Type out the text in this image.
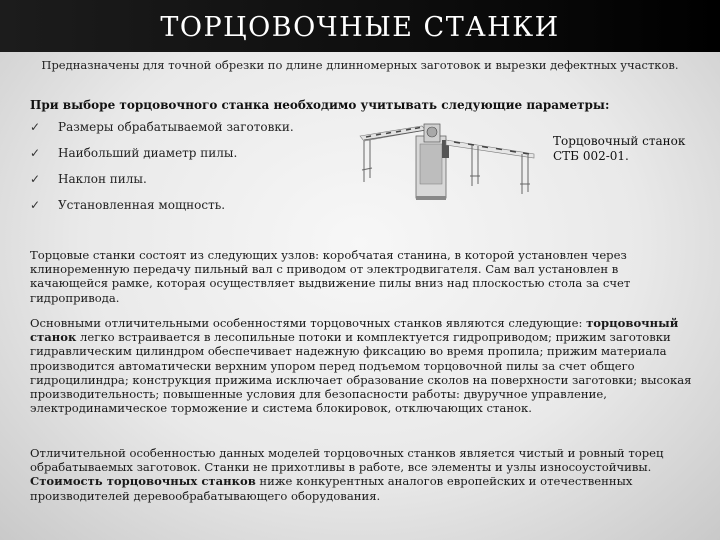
ТОРЦОВОЧНЫЕ СТАНКИ
Предназначены для точной обрезки по длине длинномерных заготовок и вырезки дефектных участков.
При выборе торцовочного станка необходимо учитывать следующие параметры:
✓	Размеры обрабатываемой заготовки.
✓	Наибольший диаметр пилы.
✓	Наклон пилы.
✓	Установленная мощность.
Торцовочный станок СТБ 002-01.

Торцовые станки состоят из следующих узлов: коробчатая станина, в которой установлен через клиноременную передачу пильный вал с приводом от электродвигателя. Сам вал установлен в качающейся рамке, которая осуществляет выдвижение пилы вниз над плоскостью стола за счет гидропривода.

Основными отличительными особенностями торцовочных станков являются следующие: торцовочный станок легко встраивается в лесопильные потоки и комплектуется гидроприводом; прижим заготовки гидравлическим цилиндром обеспечивает надежную фиксацию во время пропила; прижим материала производится автоматически верхним упором перед подъемом торцовочной пилы за счет общего гидроцилиндра; конструкция прижима исключает образование сколов на поверхности заготовки; высокая производительность; повышенные условия для безопасности работы: двуручное управление, электродинамическое торможение и система блокировок, отключающих станок.

Отличительной особенностью данных моделей торцовочных станков является чистый и ровный торец обрабатываемых заготовок. Станки не прихотливы в работе, все элементы и узлы износоустойчивы. Стоимость торцовочных станков ниже конкурентных аналогов европейских и отечественных производителей деревообрабатывающего оборудования.
